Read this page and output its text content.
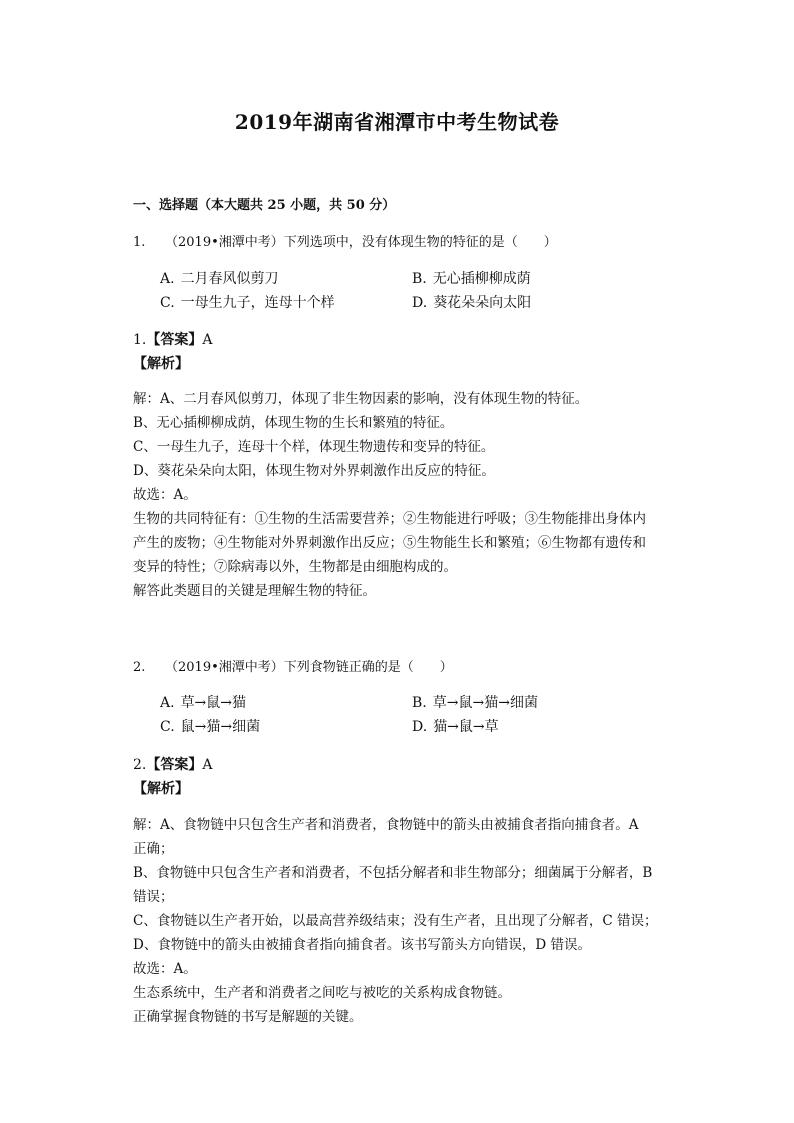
2019年湖南省湘潭市中考生物试卷
一、选择题（本大题共 25 小题，共 50 分）
1. （2019•湘潭中考）下列选项中，没有体现生物的特征的是（　　）
A. 二月春风似剪刀	B. 无心插柳柳成荫
C. 一母生九子，连母十个样	D. 葵花朵朵向太阳
1.【答案】A
【解析】

解：A、二月春风似剪刀，体现了非生物因素的影响，没有体现生物的特征。

B、无心插柳柳成荫，体现生物的生长和繁殖的特征。

C、一母生九子，连母十个样，体现生物遗传和变异的特征。

D、葵花朵朵向太阳，体现生物对外界刺激作出反应的特征。

故选：A。

生物的共同特征有：①生物的生活需要营养；②生物能进行呼吸；③生物能排出身体内

产生的废物；④生物能对外界刺激作出反应；⑤生物能生长和繁殖；⑥生物都有遗传和

变异的特性；⑦除病毒以外，生物都是由细胞构成的。

解答此类题目的关键是理解生物的特征。

2. （2019•湘潭中考）下列食物链正确的是（　　）
A. 草→鼠→猫	B. 草→鼠→猫→细菌
C. 鼠→猫→细菌	D. 猫→鼠→草
2.【答案】A
【解析】

解：A、食物链中只包含生产者和消费者，食物链中的箭头由被捕食者指向捕食者。A

正确；

B、食物链中只包含生产者和消费者，不包括分解者和非生物部分；细菌属于分解者，B

错误；

C、食物链以生产者开始，以最高营养级结束；没有生产者，且出现了分解者，C 错误；

D、食物链中的箭头由被捕食者指向捕食者。该书写箭头方向错误，D 错误。

故选：A。

生态系统中，生产者和消费者之间吃与被吃的关系构成食物链。

正确掌握食物链的书写是解题的关键。
